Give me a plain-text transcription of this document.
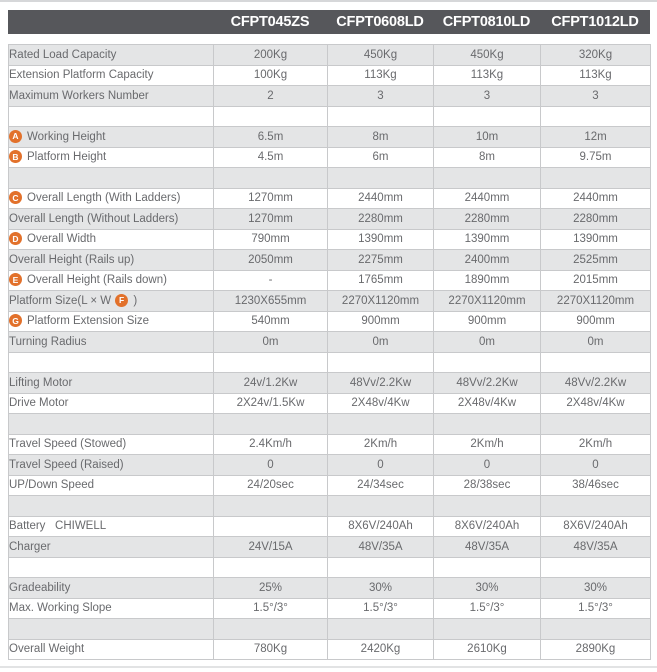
CFPT045ZS	CFPT0608LD	CFPT0810LD	CFPT1012LD
Rated Load Capacity	200Kg	450Kg	450Kg	320Kg
Extension Platform Capacity	100Kg	113Kg	113Kg	113Kg
Maximum Workers Number	2	3	3	3

A Working Height	6.5m	8m	10m	12m
B Platform Height	4.5m	6m	8m	9.75m

C Overall Length (With Ladders)	1270mm	2440mm	2440mm	2440mm
Overall Length (Without Ladders)	1270mm	2280mm	2280mm	2280mm
D Overall Width	790mm	1390mm	1390mm	1390mm
Overall Height (Rails up)	2050mm	2275mm	2400mm	2525mm
E Overall Height (Rails down)	-	1765mm	1890mm	2015mm
Platform Size(L × W F )	1230X655mm	2270X1120mm	2270X1120mm	2270X1120mm
G Platform Extension Size	540mm	900mm	900mm	900mm
Turning Radius	0m	0m	0m	0m

Lifting Motor	24v/1.2Kw	48Vv/2.2Kw	48Vv/2.2Kw	48Vv/2.2Kw
Drive Motor	2X24v/1.5Kw	2X48v/4Kw	2X48v/4Kw	2X48v/4Kw

Travel Speed (Stowed)	2.4Km/h	2Km/h	2Km/h	2Km/h
Travel Speed (Raised)	0	0	0	0
UP/Down Speed	24/20sec	24/34sec	28/38sec	38/46sec

Battery   CHIWELL		8X6V/240Ah	8X6V/240Ah	8X6V/240Ah
Charger	24V/15A	48V/35A	48V/35A	48V/35A

Gradeability	25%	30%	30%	30%
Max. Working Slope	1.5°/3°	1.5°/3°	1.5°/3°	1.5°/3°

Overall Weight	780Kg	2420Kg	2610Kg	2890Kg
